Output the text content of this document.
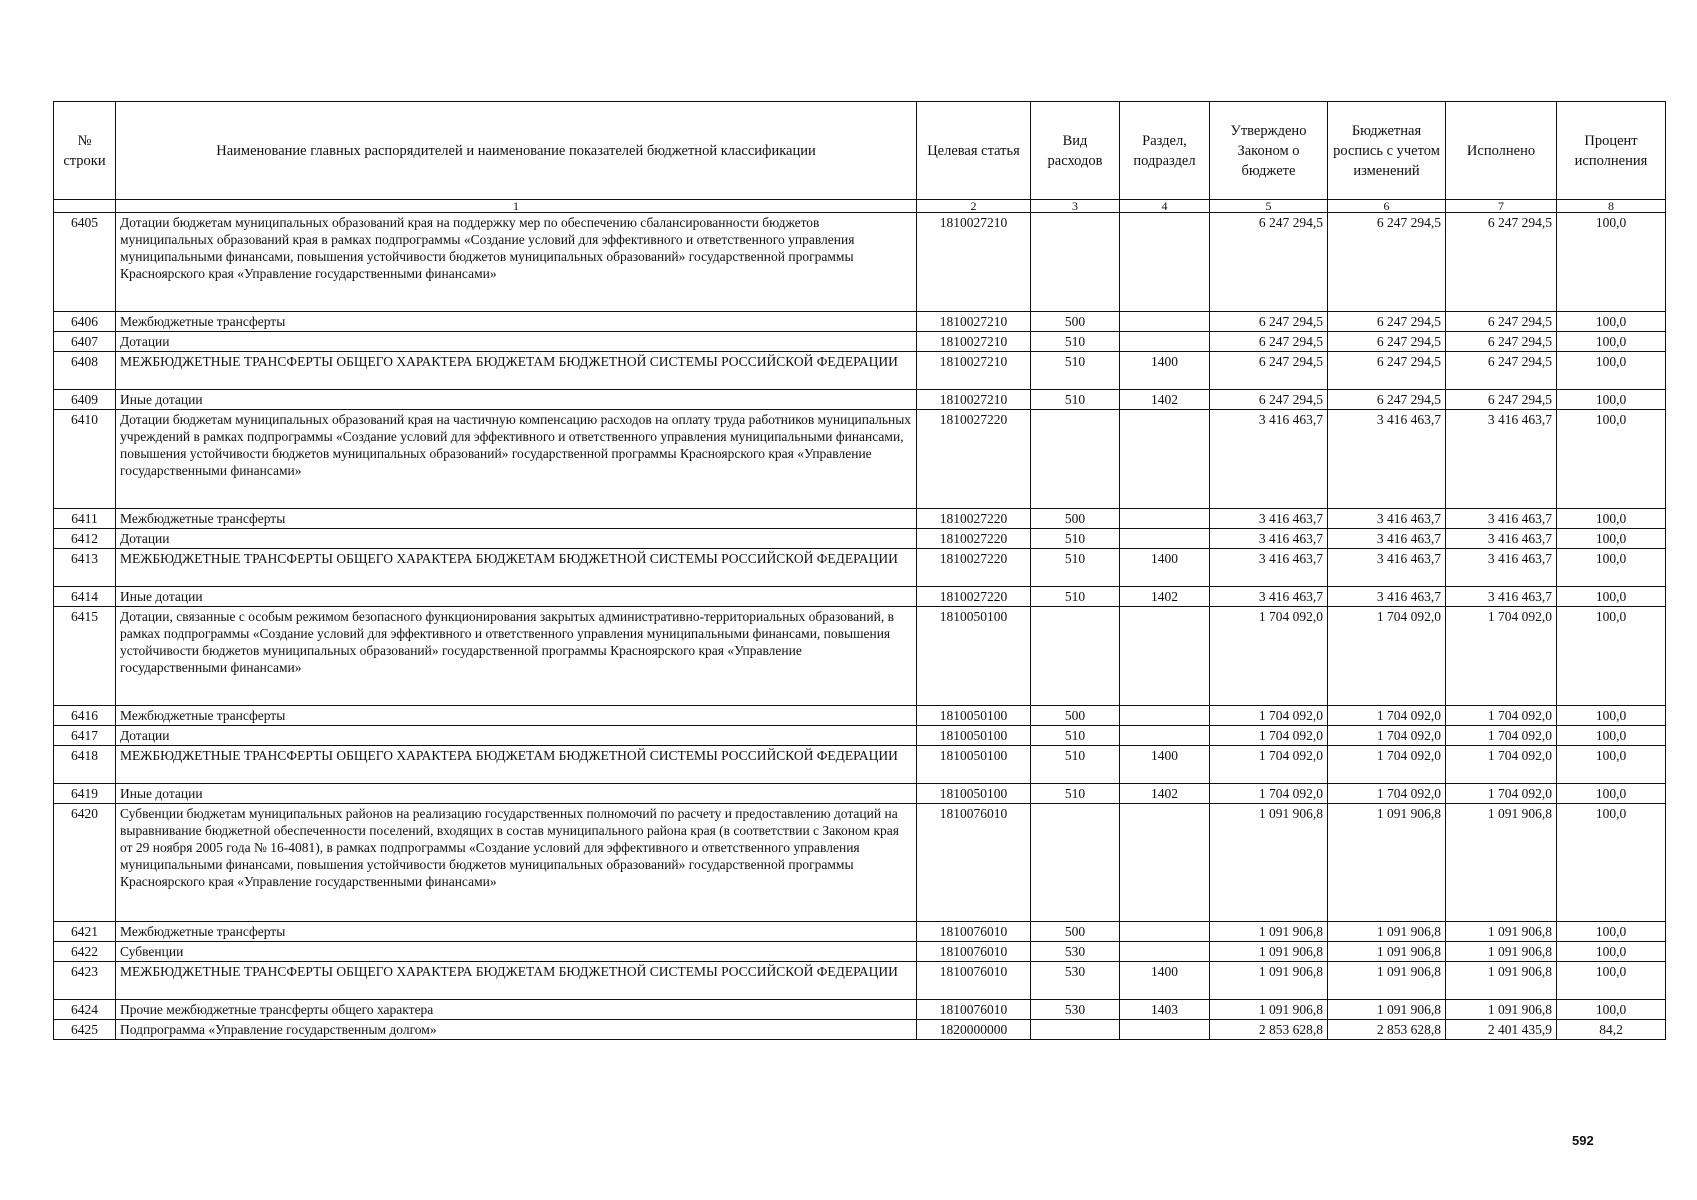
№ строки	Наименование главных распорядителей и наименование показателей бюджетной классификации	Целевая статья	Вид расходов	Раздел, подраздел	Утверждено Законом о бюджете	Бюджетная роспись с учетом изменений	Исполнено	Процент исполнения
	1	2	3	4	5	6	7	8
6405	Дотации бюджетам муниципальных образований края на поддержку мер по обеспечению сбалансированности бюджетов муниципальных образований края в рамках подпрограммы «Создание условий для эффективного и ответственного управления муниципальными финансами, повышения устойчивости бюджетов муниципальных образований» государственной программы Красноярского края «Управление государственными финансами»	1810027210			6 247 294,5	6 247 294,5	6 247 294,5	100,0
6406	Межбюджетные трансферты	1810027210	500		6 247 294,5	6 247 294,5	6 247 294,5	100,0
6407	Дотации	1810027210	510		6 247 294,5	6 247 294,5	6 247 294,5	100,0
6408	МЕЖБЮДЖЕТНЫЕ ТРАНСФЕРТЫ ОБЩЕГО ХАРАКТЕРА БЮДЖЕТАМ БЮДЖЕТНОЙ СИСТЕМЫ РОССИЙСКОЙ ФЕДЕРАЦИИ	1810027210	510	1400	6 247 294,5	6 247 294,5	6 247 294,5	100,0
6409	Иные дотации	1810027210	510	1402	6 247 294,5	6 247 294,5	6 247 294,5	100,0
6410	Дотации бюджетам муниципальных образований края на частичную компенсацию расходов на оплату труда работников муниципальных учреждений в рамках подпрограммы «Создание условий для эффективного и ответственного управления муниципальными финансами, повышения устойчивости бюджетов муниципальных образований» государственной программы Красноярского края «Управление государственными финансами»	1810027220			3 416 463,7	3 416 463,7	3 416 463,7	100,0
6411	Межбюджетные трансферты	1810027220	500		3 416 463,7	3 416 463,7	3 416 463,7	100,0
6412	Дотации	1810027220	510		3 416 463,7	3 416 463,7	3 416 463,7	100,0
6413	МЕЖБЮДЖЕТНЫЕ ТРАНСФЕРТЫ ОБЩЕГО ХАРАКТЕРА БЮДЖЕТАМ БЮДЖЕТНОЙ СИСТЕМЫ РОССИЙСКОЙ ФЕДЕРАЦИИ	1810027220	510	1400	3 416 463,7	3 416 463,7	3 416 463,7	100,0
6414	Иные дотации	1810027220	510	1402	3 416 463,7	3 416 463,7	3 416 463,7	100,0
6415	Дотации, связанные с особым режимом безопасного функционирования закрытых административно-территориальных образований, в рамках подпрограммы «Создание условий для эффективного и ответственного управления муниципальными финансами, повышения устойчивости бюджетов муниципальных образований» государственной программы Красноярского края «Управление государственными финансами»	1810050100			1 704 092,0	1 704 092,0	1 704 092,0	100,0
6416	Межбюджетные трансферты	1810050100	500		1 704 092,0	1 704 092,0	1 704 092,0	100,0
6417	Дотации	1810050100	510		1 704 092,0	1 704 092,0	1 704 092,0	100,0
6418	МЕЖБЮДЖЕТНЫЕ ТРАНСФЕРТЫ ОБЩЕГО ХАРАКТЕРА БЮДЖЕТАМ БЮДЖЕТНОЙ СИСТЕМЫ РОССИЙСКОЙ ФЕДЕРАЦИИ	1810050100	510	1400	1 704 092,0	1 704 092,0	1 704 092,0	100,0
6419	Иные дотации	1810050100	510	1402	1 704 092,0	1 704 092,0	1 704 092,0	100,0
6420	Субвенции бюджетам муниципальных районов на реализацию государственных полномочий по расчету и предоставлению дотаций на выравнивание бюджетной обеспеченности поселений, входящих в состав муниципального района края (в соответствии с Законом края от 29 ноября 2005 года № 16-4081), в рамках подпрограммы «Создание условий для эффективного и ответственного управления муниципальными финансами, повышения устойчивости бюджетов муниципальных образований» государственной программы Красноярского края «Управление государственными финансами»	1810076010			1 091 906,8	1 091 906,8	1 091 906,8	100,0
6421	Межбюджетные трансферты	1810076010	500		1 091 906,8	1 091 906,8	1 091 906,8	100,0
6422	Субвенции	1810076010	530		1 091 906,8	1 091 906,8	1 091 906,8	100,0
6423	МЕЖБЮДЖЕТНЫЕ ТРАНСФЕРТЫ ОБЩЕГО ХАРАКТЕРА БЮДЖЕТАМ БЮДЖЕТНОЙ СИСТЕМЫ РОССИЙСКОЙ ФЕДЕРАЦИИ	1810076010	530	1400	1 091 906,8	1 091 906,8	1 091 906,8	100,0
6424	Прочие межбюджетные трансферты общего характера	1810076010	530	1403	1 091 906,8	1 091 906,8	1 091 906,8	100,0
6425	Подпрограмма «Управление государственным долгом»	1820000000			2 853 628,8	2 853 628,8	2 401 435,9	84,2
592
